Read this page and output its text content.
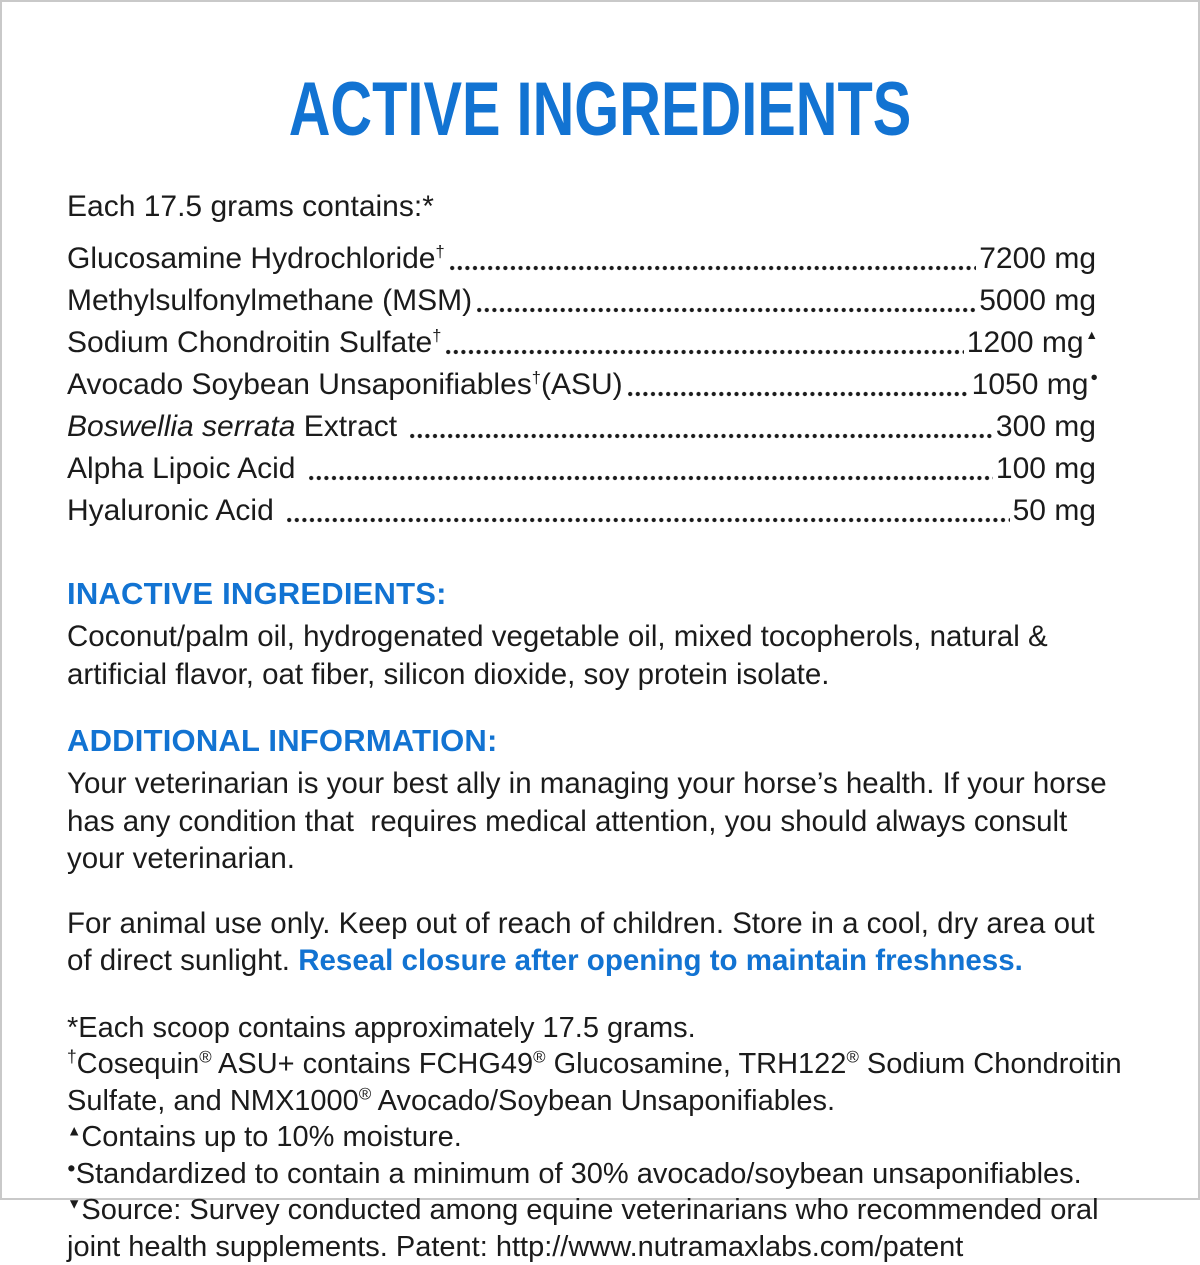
ACTIVE INGREDIENTS
Each 17.5 grams contains:*
Glucosamine Hydrochloride†	7200 mg
Methylsulfonylmethane (MSM)	5000 mg
Sodium Chondroitin Sulfate†	1200 mg ▲
Avocado Soybean Unsaponifiables†(ASU)	1050 mg ●
Boswellia serrata Extract	300 mg
Alpha Lipoic Acid	100 mg
Hyaluronic Acid	50 mg
INACTIVE INGREDIENTS:

Coconut/palm oil, hydrogenated vegetable oil, mixed tocopherols, natural & artificial flavor, oat fiber, silicon dioxide, soy protein isolate.

ADDITIONAL INFORMATION:

Your veterinarian is your best ally in managing your horse’s health. If your horse has any condition that  requires medical attention, you should always consult your veterinarian.

For animal use only. Keep out of reach of children. Store in a cool, dry area out of direct sunlight. Reseal closure after opening to maintain freshness.

*Each scoop contains approximately 17.5 grams.

†Cosequin® ASU+ contains FCHG49® Glucosamine, TRH122® Sodium Chondroitin Sulfate, and NMX1000® Avocado/Soybean Unsaponifiables.

▲Contains up to 10% moisture.

●Standardized to contain a minimum of 30% avocado/soybean unsaponifiables.

▼Source: Survey conducted among equine veterinarians who recommended oral joint health supplements. Patent: http://www.nutramaxlabs.com/patent
